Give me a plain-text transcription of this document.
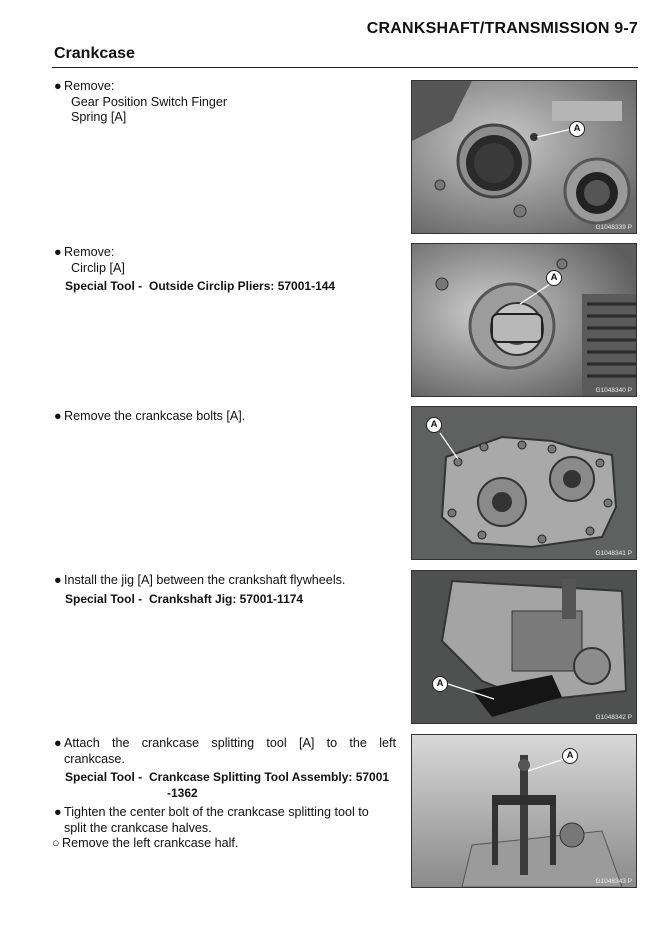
CRANKSHAFT/TRANSMISSION 9-7
Crankcase
● Remove:
Gear Position Switch Finger
Spring [A]
● Remove:
Circlip [A]
Special Tool - Outside Circlip Pliers: 57001-144
● Remove the crankcase bolts [A].
● Install the jig [A] between the crankshaft flywheels.
Special Tool - Crankshaft Jig: 57001-1174
● Attach the crankcase splitting tool [A] to the left
crankcase.
Special Tool - Crankcase Splitting Tool Assembly: 57001
-1362
● Tighten the center bolt of the crankcase splitting tool to
split the crankcase halves.
○ Remove the left crankcase half.
A
G1048339 P
A
G1048340 P
A
G1048341 P
A
G1048342 P
A
G1048343 P
